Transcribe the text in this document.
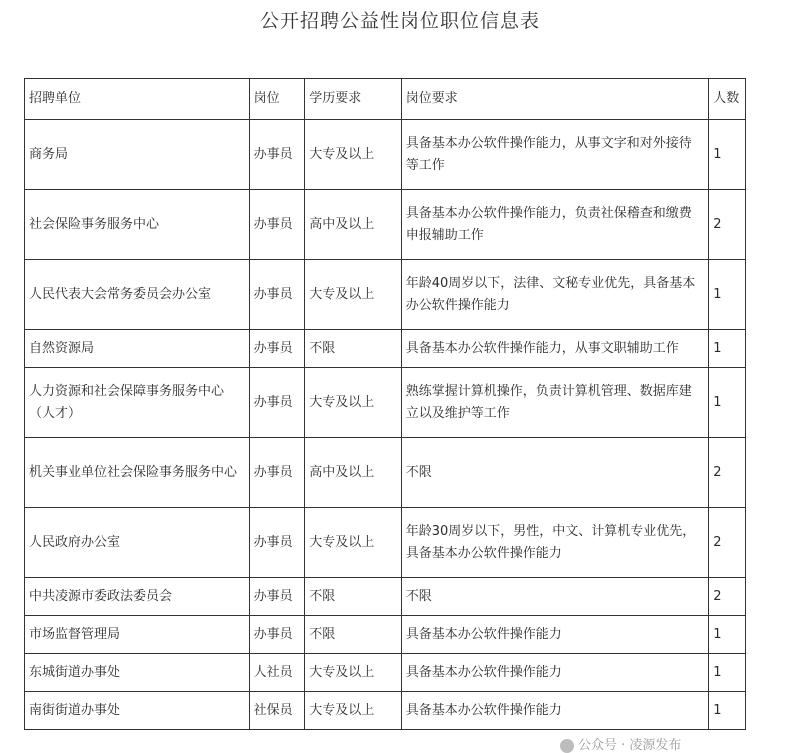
公开招聘公益性岗位职位信息表
招聘单位	岗位	学历要求	岗位要求	人数
商务局	办事员	大专及以上	具备基本办公软件操作能力，从事文字和对外接待等工作	1
社会保险事务服务中心	办事员	高中及以上	具备基本办公软件操作能力，负责社保稽查和缴费申报辅助工作	2
人民代表大会常务委员会办公室	办事员	大专及以上	年龄40周岁以下，法律、文秘专业优先，具备基本办公软件操作能力	1
自然资源局	办事员	不限	具备基本办公软件操作能力，从事文职辅助工作	1
人力资源和社会保障事务服务中心（人才）	办事员	大专及以上	熟练掌握计算机操作，负责计算机管理、数据库建立以及维护等工作	1
机关事业单位社会保险事务服务中心	办事员	高中及以上	不限	2
人民政府办公室	办事员	大专及以上	年龄30周岁以下，男性，中文、计算机专业优先，具备基本办公软件操作能力	2
中共凌源市委政法委员会	办事员	不限	不限	2
市场监督管理局	办事员	不限	具备基本办公软件操作能力	1
东城街道办事处	人社员	大专及以上	具备基本办公软件操作能力	1
南街街道办事处	社保员	大专及以上	具备基本办公软件操作能力	1
公众号 · 凌源发布
